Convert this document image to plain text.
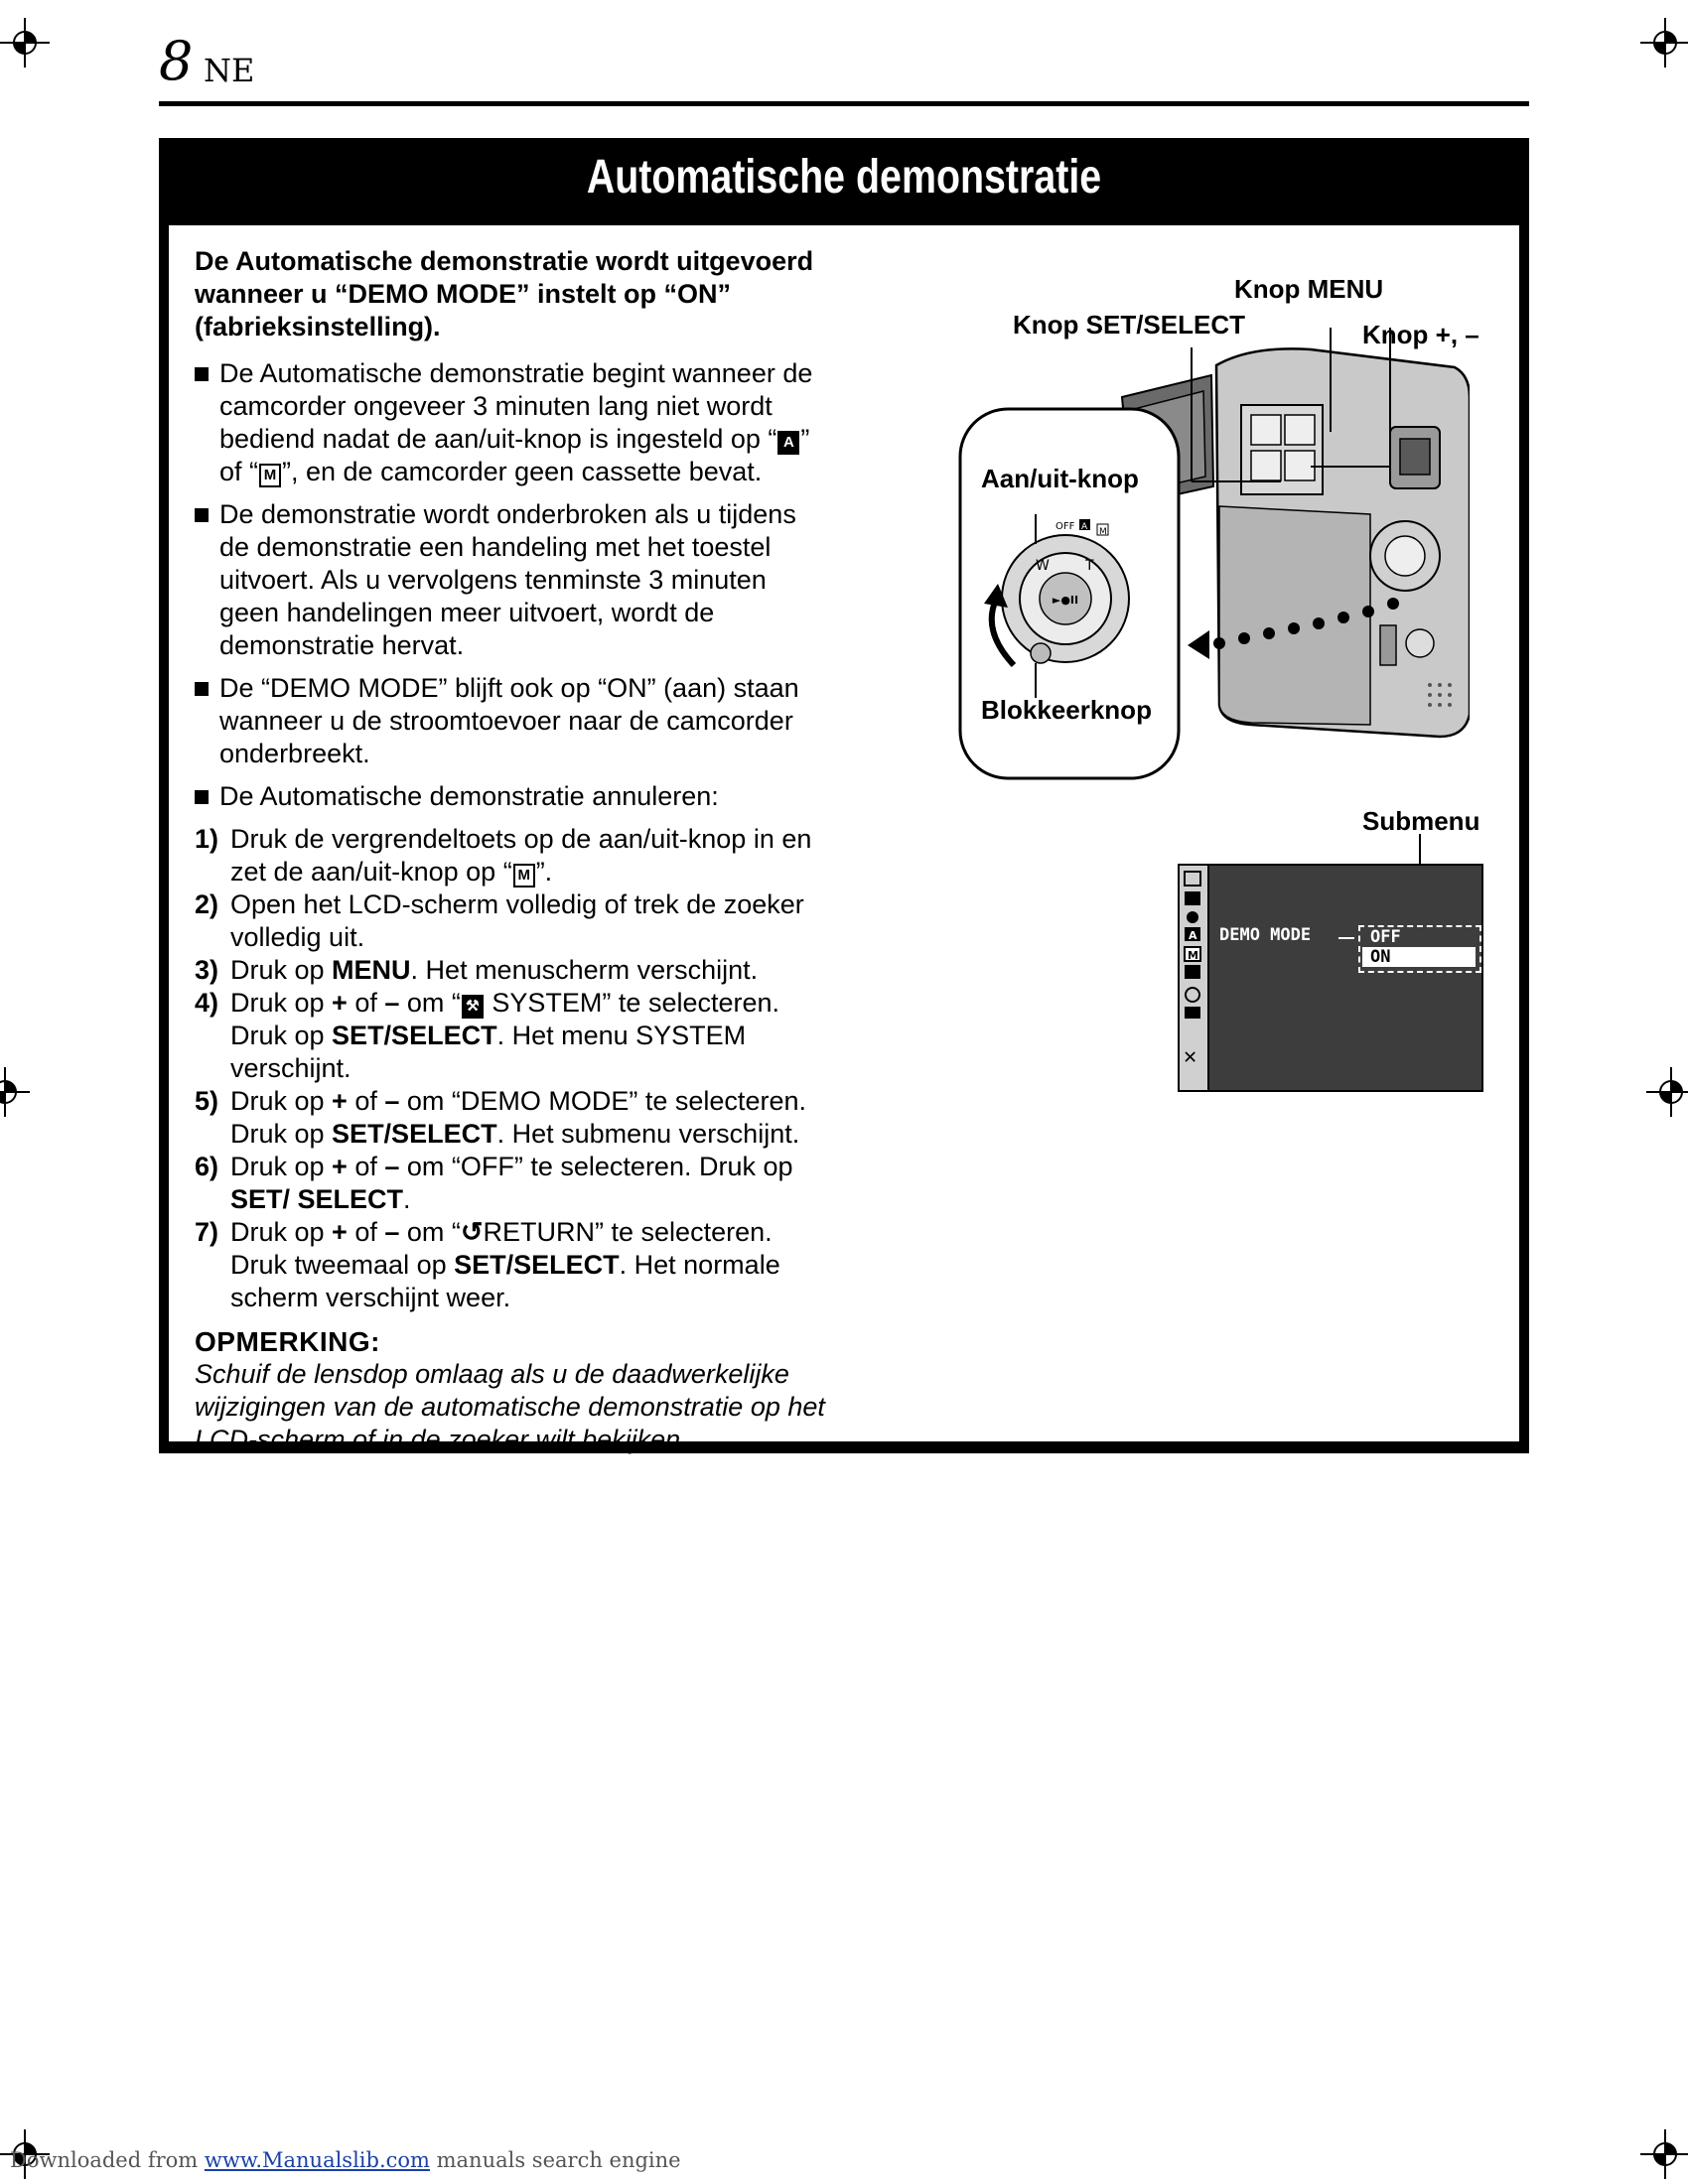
8 NE
Automatische demonstratie

De Automatische demonstratie wordt uitgevoerd wanneer u “DEMO MODE” instelt op “ON” (fabrieksinstelling).

De Automatische demonstratie begint wanneer de camcorder ongeveer 3 minuten lang niet wordt bediend nadat de aan/uit-knop is ingesteld op “ A ” of “ M ”, en de camcorder geen cassette bevat.
De demonstratie wordt onderbroken als u tijdens de demonstratie een handeling met het toestel uitvoert. Als u vervolgens tenminste 3 minuten geen handelingen meer uitvoert, wordt de demonstratie hervat.
De “DEMO MODE” blijft ook op “ON” (aan) staan wanneer u de stroomtoevoer naar de camcorder onderbreekt.
De Automatische demonstratie annuleren:

1) Druk de vergrendeltoets op de aan/uit-knop in en zet de aan/uit-knop op “ M ”.

2) Open het LCD-scherm volledig of trek de zoeker volledig uit.

3) Druk op MENU. Het menuscherm verschijnt.

4) Druk op + of – om “ ⚒ SYSTEM” te selecteren. Druk op SET/SELECT. Het menu SYSTEM verschijnt.

5) Druk op + of – om “DEMO MODE” te selecteren. Druk op SET/SELECT. Het submenu verschijnt.

6) Druk op + of – om “OFF” te selecteren. Druk op SET/ SELECT.

7) Druk op + of – om “↺RETURN” te selecteren. Druk tweemaal op SET/SELECT. Het normale scherm verschijnt weer.

OPMERKING:

Schuif de lensdop omlaag als u de daadwerkelijke wijzigingen van de automatische demonstratie op het LCD-scherm of in de zoeker wilt bekijken.

►●II
W	T
OFF A M
Knop MENU
Knop SET/SELECT	Knop +, –
Aan/uit-knop
Blokkeerknop
Submenu
A
M
DEMO MODE	OFF
ON
✕
Downloaded from www.Manualslib.com manuals search engine
